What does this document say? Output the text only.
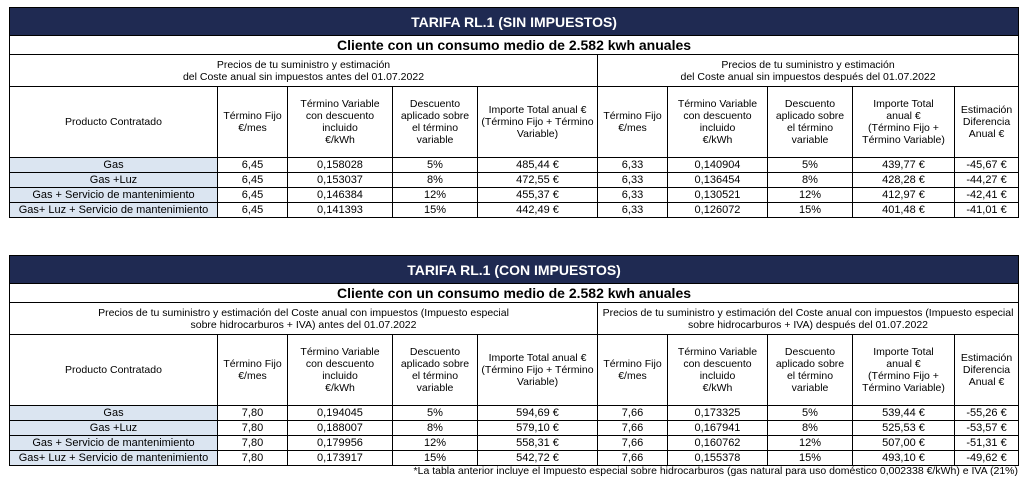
TARIFA RL.1 (SIN IMPUESTOS)									
Cliente con un consumo medio de 2.582 kwh anuales									
Precios de tu suministro y estimación
del Coste anual sin impuestos antes del 01.07.2022					Precios de tu suministro y estimación
del Coste anual sin impuestos después del 01.07.2022				
Producto Contratado	Término Fijo
€/mes	Término Variable
con descuento
incluido
€/kWh	Descuento
aplicado sobre
el término
variable	Importe Total anual €
(Término Fijo + Término
Variable)	Término Fijo
€/mes	Término Variable
con descuento
incluido
€/kWh	Descuento
aplicado sobre
el término
variable	Importe Total
anual €
(Término Fijo +
Término Variable)	Estimación
Diferencia
Anual €
Gas	6,45	0,158028	5%	485,44 €	6,33	0,140904	5%	439,77 €	-45,67 €
Gas +Luz	6,45	0,153037	8%	472,55 €	6,33	0,136454	8%	428,28 €	-44,27 €
Gas + Servicio de mantenimiento	6,45	0,146384	12%	455,37 €	6,33	0,130521	12%	412,97 €	-42,41 €
Gas+ Luz + Servicio de mantenimiento	6,45	0,141393	15%	442,49 €	6,33	0,126072	15%	401,48 €	-41,01 €
TARIFA RL.1 (CON IMPUESTOS)									
Cliente con un consumo medio de 2.582 kwh anuales									
Precios de tu suministro y estimación del Coste anual con impuestos (Impuesto especial
sobre hidrocarburos + IVA) antes del 01.07.2022					Precios de tu suministro y estimación del Coste anual con impuestos (Impuesto especial
sobre hidrocarburos + IVA) después del 01.07.2022				
Producto Contratado	Término Fijo
€/mes	Término Variable
con descuento
incluido
€/kWh	Descuento
aplicado sobre
el término
variable	Importe Total anual €
(Término Fijo + Término
Variable)	Término Fijo
€/mes	Término Variable
con descuento
incluido
€/kWh	Descuento
aplicado sobre
el término
variable	Importe Total
anual €
(Término Fijo +
Término Variable)	Estimación
Diferencia
Anual €
Gas	7,80	0,194045	5%	594,69 €	7,66	0,173325	5%	539,44 €	-55,26 €
Gas +Luz	7,80	0,188007	8%	579,10 €	7,66	0,167941	8%	525,53 €	-53,57 €
Gas + Servicio de mantenimiento	7,80	0,179956	12%	558,31 €	7,66	0,160762	12%	507,00 €	-51,31 €
Gas+ Luz + Servicio de mantenimiento	7,80	0,173917	15%	542,72 €	7,66	0,155378	15%	493,10 €	-49,62 €
*La tabla anterior incluye el Impuesto especial sobre hidrocarburos (gas natural para uso doméstico 0,002338 €/kWh) e IVA (21%)
